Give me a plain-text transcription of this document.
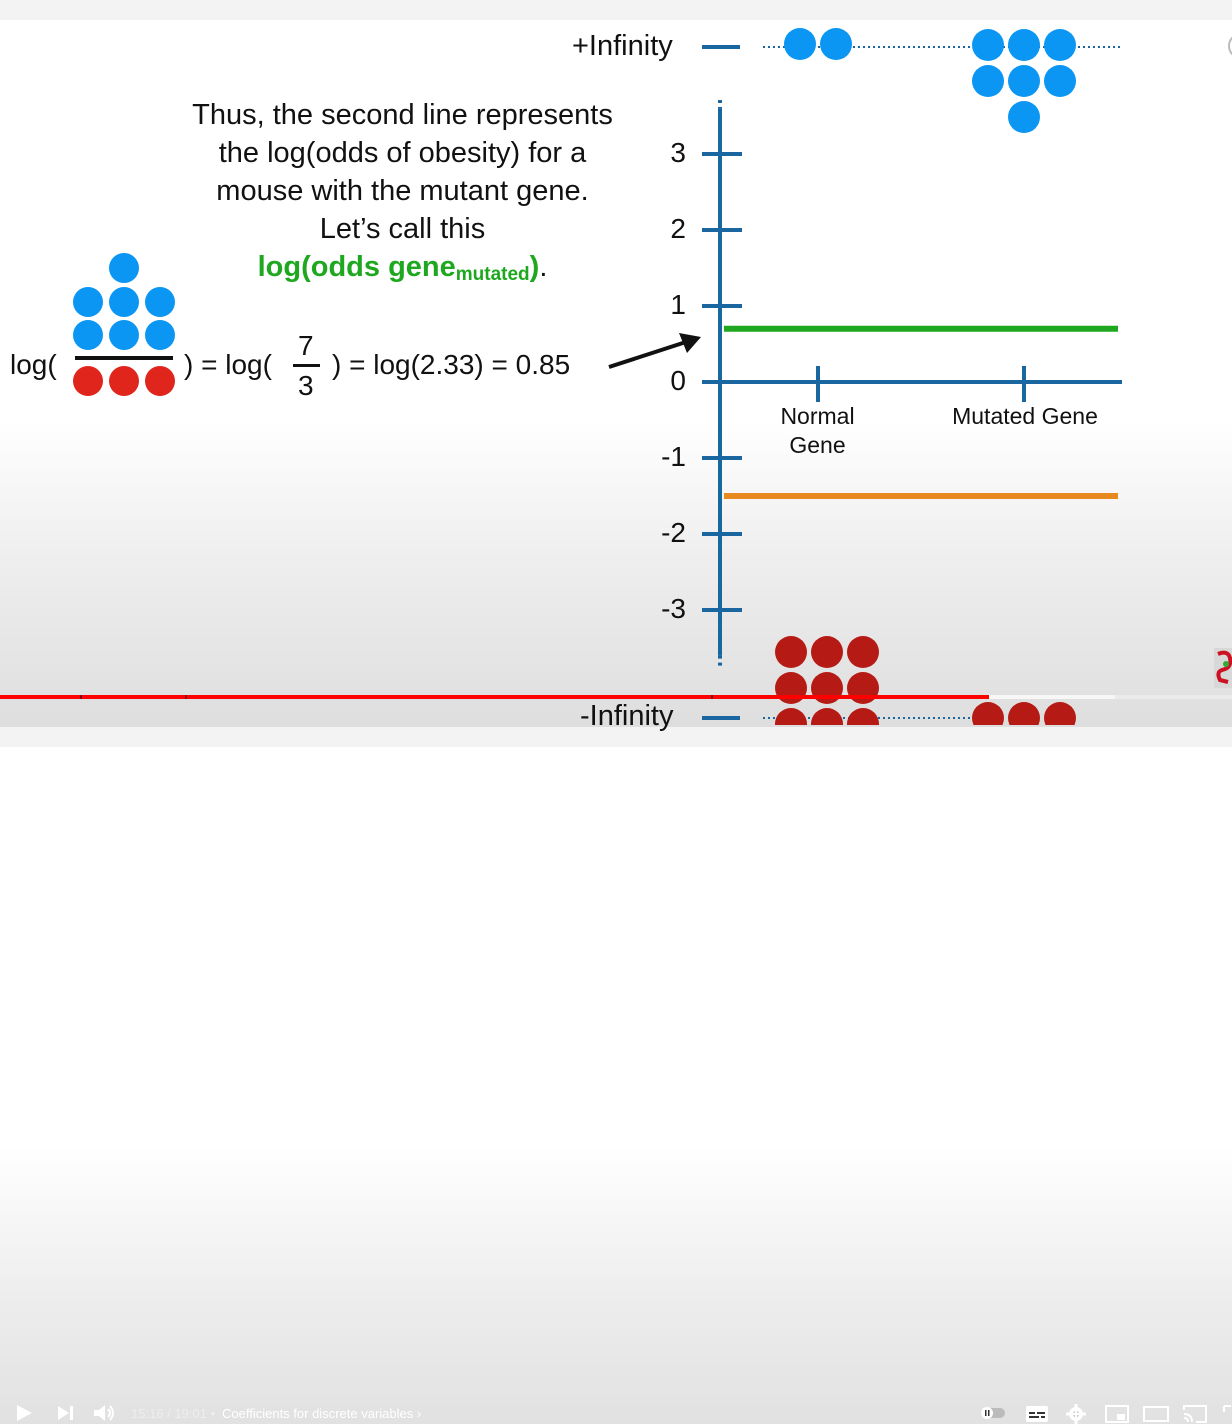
Thus, the second line represents
the log(odds of obesity) for a
mouse with the mutant gene.
Let’s call this
log(odds gene$_{mutated}$).
log(	) = log(
7
3
) = log(2.33) = 0.85
3
2
1
0
-1
-2
-3
+Infinity
-Infinity
Normal Gene
Mutated Gene
15:16 / 19:01 • Coefficients for discrete variables ›
